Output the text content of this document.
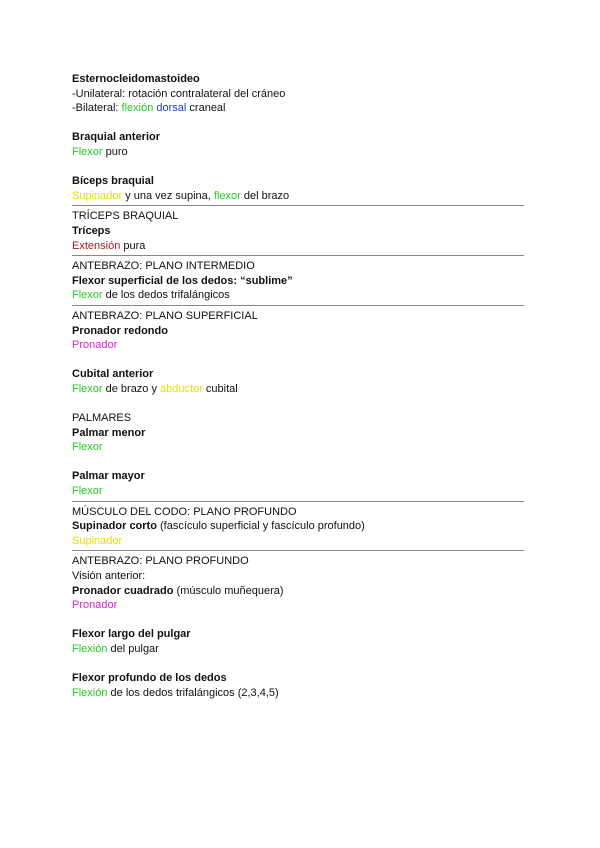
Esternocleidomastoideo
-Unilateral: rotación contralateral del cráneo
-Bilateral: flexión dorsal craneal
Braquial anterior
Flexor puro
Bíceps braquial
Supinador y una vez supina, flexor del brazo
TRÍCEPS BRAQUIAL
Tríceps
Extensión pura
ANTEBRAZO: PLANO INTERMEDIO
Flexor superficial de los dedos: “sublime”
Flexor de los dedos trifalángicos
ANTEBRAZO: PLANO SUPERFICIAL
Pronador redondo
Pronador
Cubital anterior
Flexor de brazo y abductor cubital
PALMARES
Palmar menor
Flexor
Palmar mayor
Flexor
MÚSCULO DEL CODO: PLANO PROFUNDO
Supinador corto (fascículo superficial y fascículo profundo)
Supinador
ANTEBRAZO: PLANO PROFUNDO
Visión anterior:
Pronador cuadrado (músculo muñequera)
Pronador
Flexor largo del pulgar
Flexión del pulgar
Flexor profundo de los dedos
Flexión de los dedos trifalángicos (2,3,4,5)
